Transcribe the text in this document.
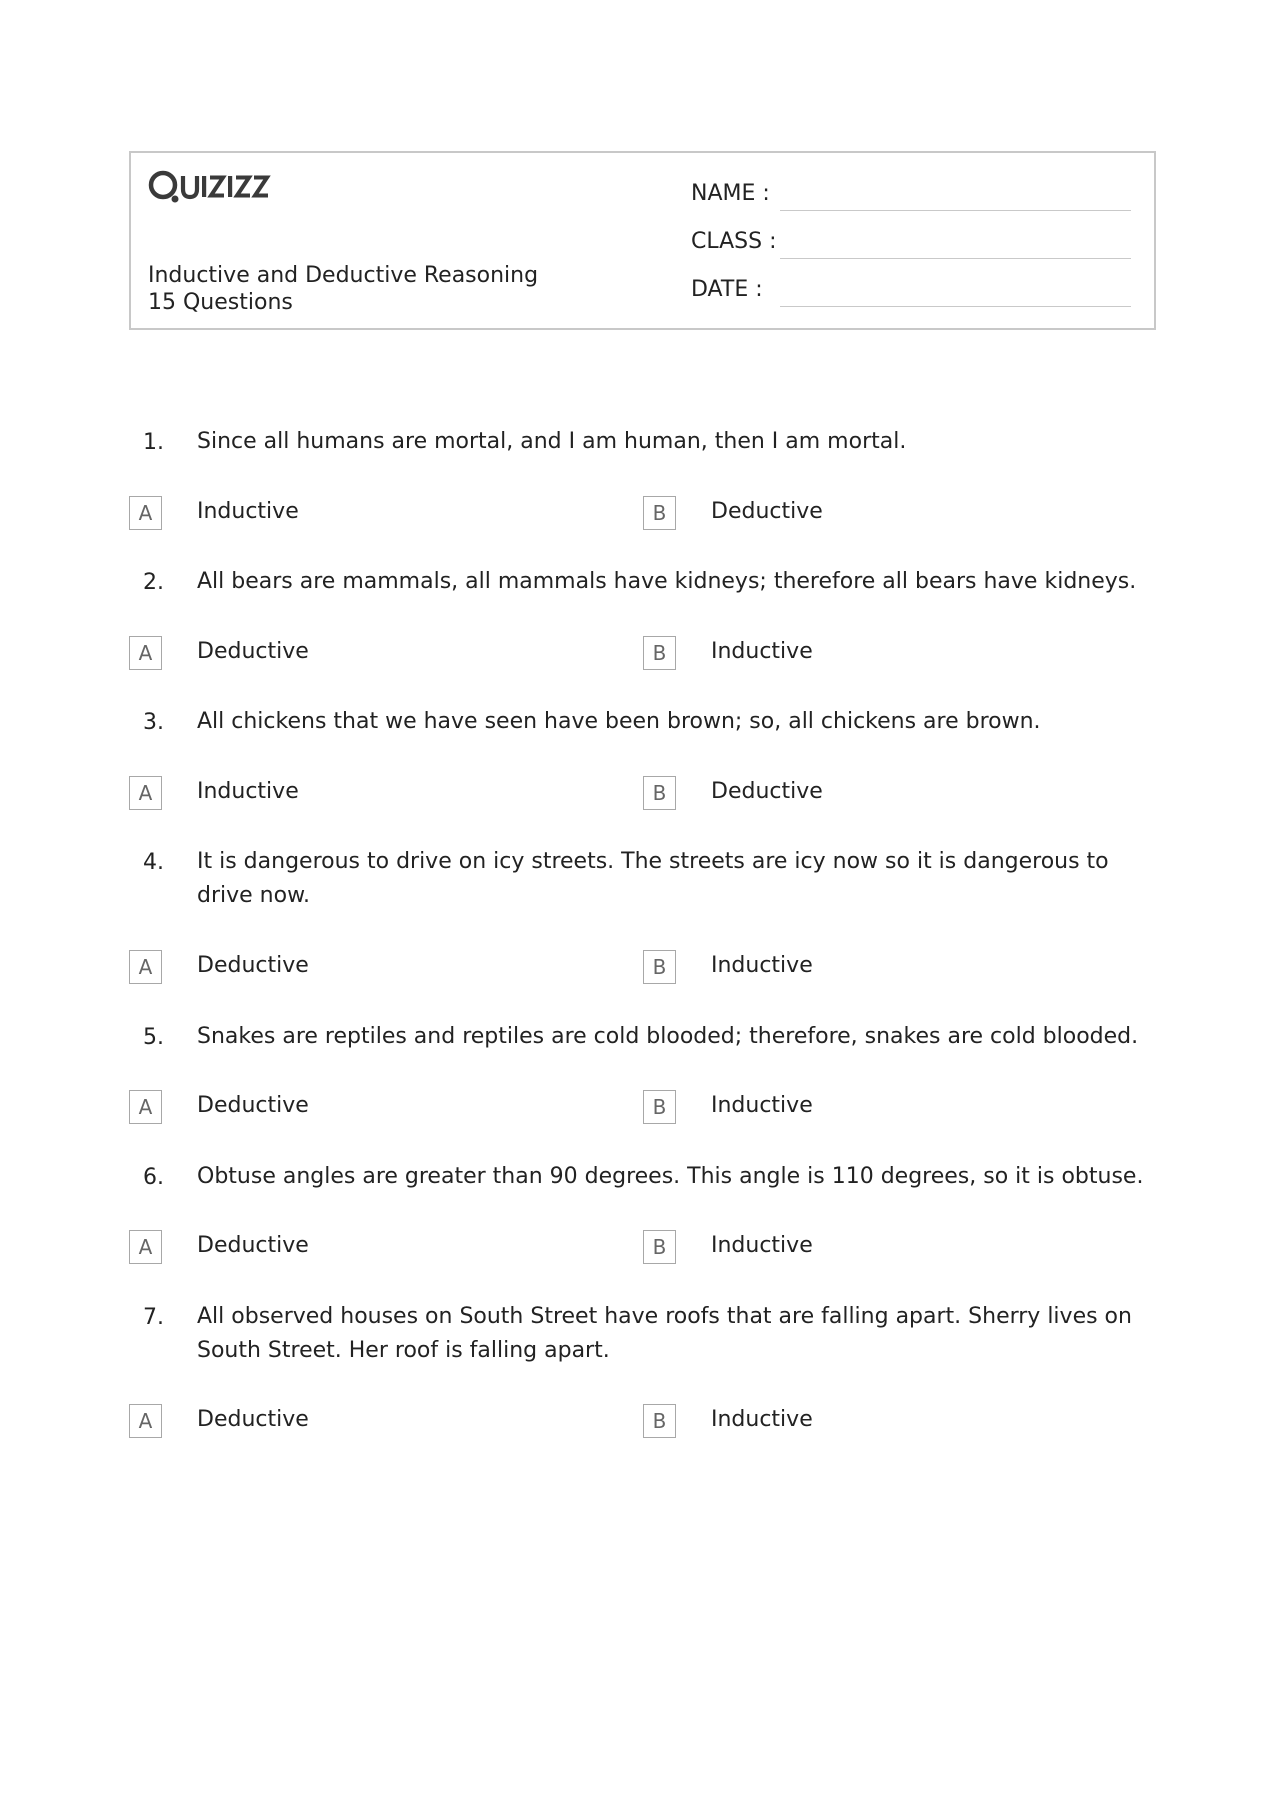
Inductive and Deductive Reasoning
15 Questions
NAME :
CLASS :
DATE :
1. Since all humans are mortal, and I am human, then I am mortal.
A	Inductive	B	Deductive
2. All bears are mammals, all mammals have kidneys; therefore all bears have kidneys.
A	Deductive	B	Inductive
3. All chickens that we have seen have been brown; so, all chickens are brown.
A	Inductive	B	Deductive
4. It is dangerous to drive on icy streets. The streets are icy now so it is dangerous to drive now.
A	Deductive	B	Inductive
5. Snakes are reptiles and reptiles are cold blooded; therefore, snakes are cold blooded.
A	Deductive	B	Inductive
6. Obtuse angles are greater than 90 degrees. This angle is 110 degrees, so it is obtuse.
A	Deductive	B	Inductive
7. All observed houses on South Street have roofs that are falling apart. Sherry lives on South Street. Her roof is falling apart.
A	Deductive	B	Inductive
